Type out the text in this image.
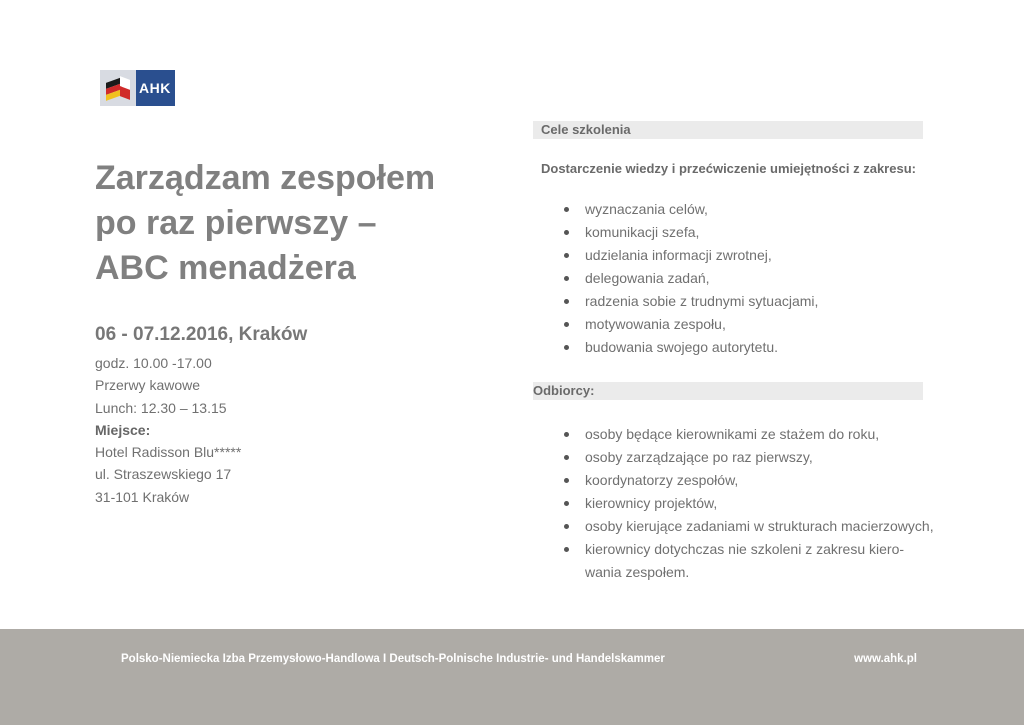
AHK
Zarządzam zespołem
po raz pierwszy –
ABC menadżera
06 - 07.12.2016, Kraków
godz. 10.00 -17.00
Przerwy kawowe
Lunch: 12.30 – 13.15
Miejsce:
Hotel Radisson Blu*****
ul. Straszewskiego 17
31-101 Kraków
Cele szkolenia
Dostarczenie wiedzy i przećwiczenie umiejętności z zakresu:
wyznaczania celów,
komunikacji szefa,
udzielania informacji zwrotnej,
delegowania zadań,
radzenia sobie z trudnymi sytuacjami,
motywowania zespołu,
budowania swojego autorytetu.
Odbiorcy:
osoby będące kierownikami ze stażem do roku,
osoby zarządzające po raz pierwszy,
koordynatorzy zespołów,
kierownicy projektów,
osoby kierujące zadaniami w strukturach macierzowych,
kierownicy dotychczas nie szkoleni z zakresu kiero-
wania zespołem.
Polsko-Niemiecka Izba Przemysłowo-Handlowa I Deutsch-Polnische Industrie- und Handelskammer	www.ahk.pl
